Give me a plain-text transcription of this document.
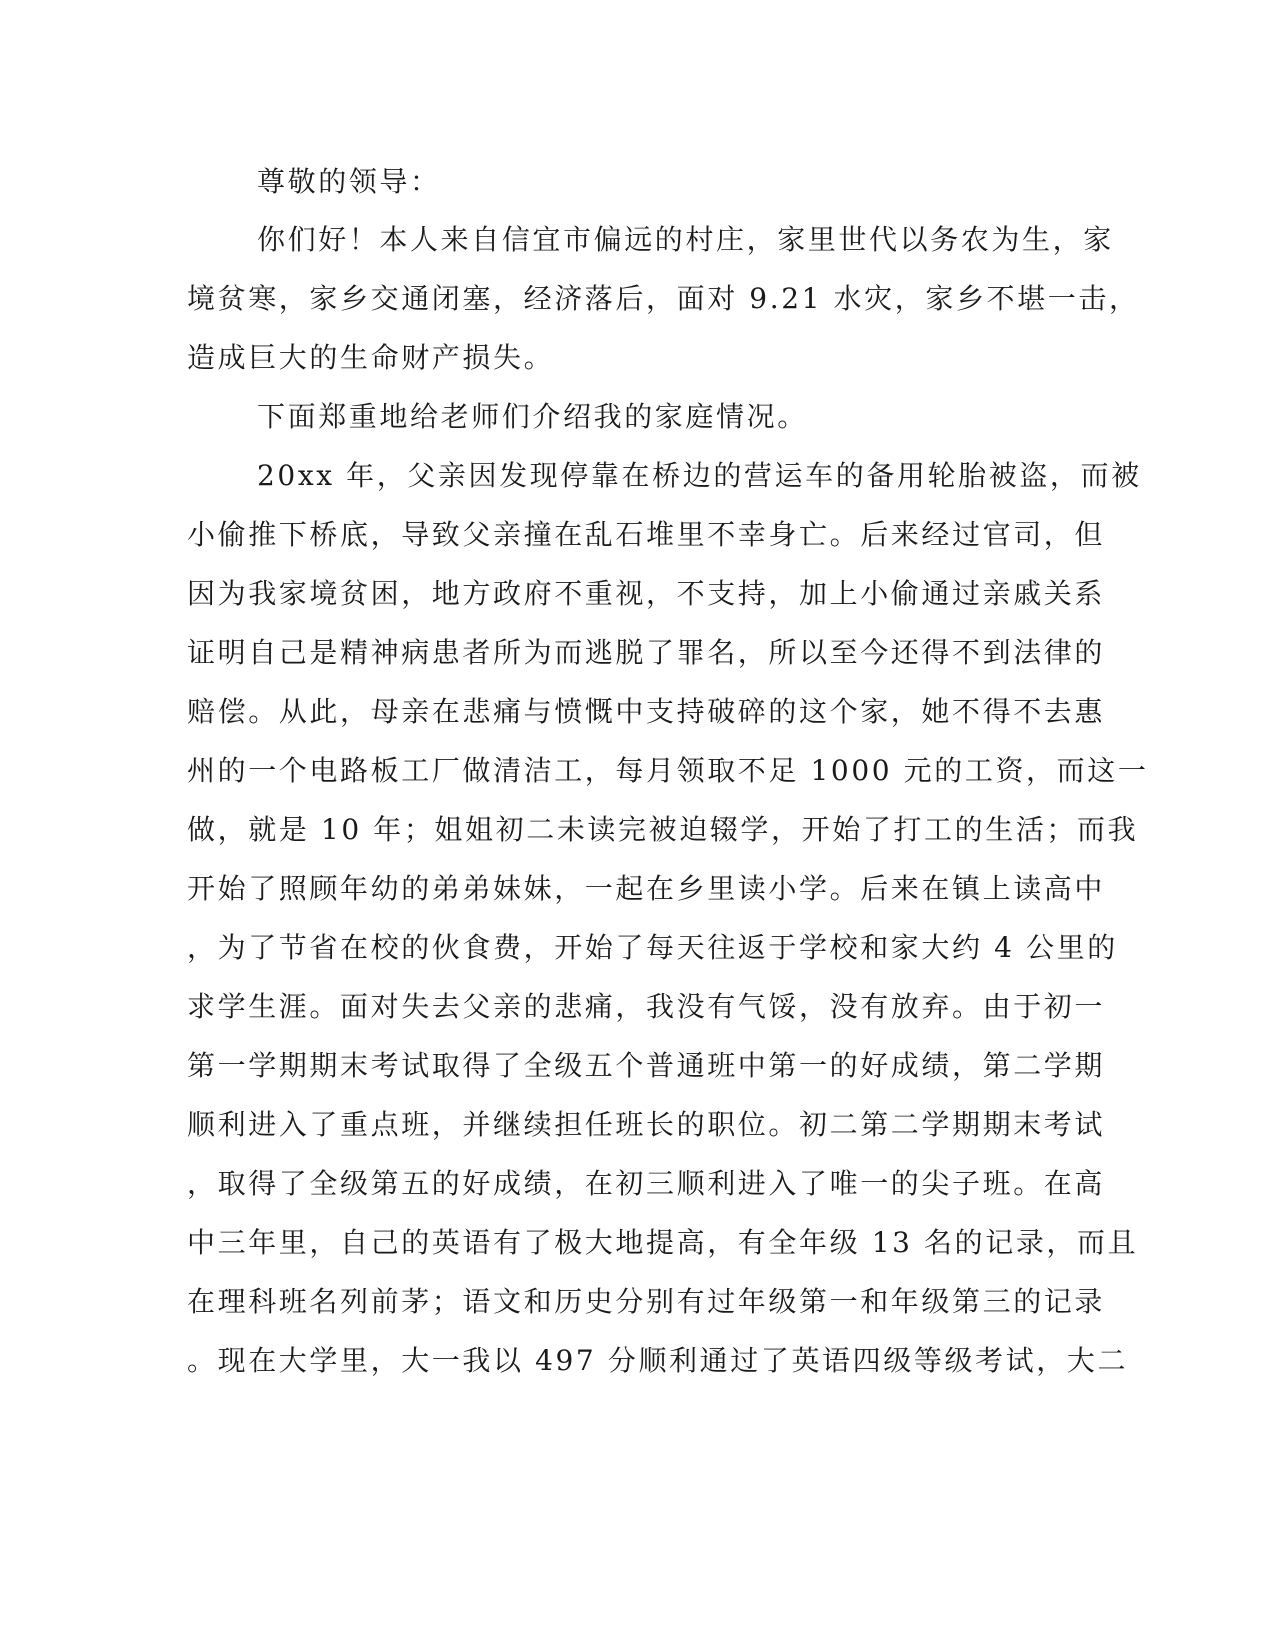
尊敬的领导：
你们好！本人来自信宜市偏远的村庄，家里世代以务农为生，家
境贫寒，家乡交通闭塞，经济落后，面对 9.21 水灾，家乡不堪一击，
造成巨大的生命财产损失。
下面郑重地给老师们介绍我的家庭情况。
20xx 年，父亲因发现停靠在桥边的营运车的备用轮胎被盗，而被
小偷推下桥底，导致父亲撞在乱石堆里不幸身亡。后来经过官司，但
因为我家境贫困，地方政府不重视，不支持，加上小偷通过亲戚关系
证明自己是精神病患者所为而逃脱了罪名，所以至今还得不到法律的
赔偿。从此，母亲在悲痛与愤慨中支持破碎的这个家，她不得不去惠
州的一个电路板工厂做清洁工，每月领取不足 1000 元的工资，而这一
做，就是 10 年；姐姐初二未读完被迫辍学，开始了打工的生活；而我
开始了照顾年幼的弟弟妹妹，一起在乡里读小学。后来在镇上读高中
，为了节省在校的伙食费，开始了每天往返于学校和家大约 4 公里的
求学生涯。面对失去父亲的悲痛，我没有气馁，没有放弃。由于初一
第一学期期末考试取得了全级五个普通班中第一的好成绩，第二学期
顺利进入了重点班，并继续担任班长的职位。初二第二学期期末考试
，取得了全级第五的好成绩，在初三顺利进入了唯一的尖子班。在高
中三年里，自己的英语有了极大地提高，有全年级 13 名的记录，而且
在理科班名列前茅；语文和历史分别有过年级第一和年级第三的记录
。现在大学里，大一我以 497 分顺利通过了英语四级等级考试，大二
